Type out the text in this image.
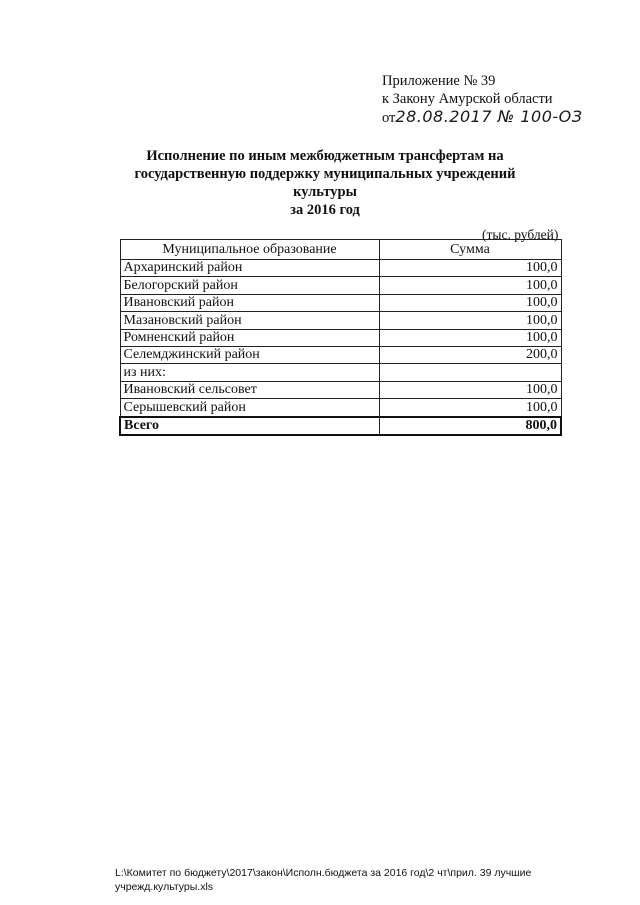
Приложение № 39
к Закону Амурской области
от28.08.2017 № 100-ОЗ
Исполнение по иным межбюджетным трансфертам на
государственную поддержку муниципальных учреждений культуры
за 2016 год
(тыс. рублей)
Муниципальное образование	Сумма
Архаринский район	100,0
Белогорский район	100,0
Ивановский район	100,0
Мазановский район	100,0
Ромненский район	100,0
Селемджинский район	200,0
из них:	
Ивановский сельсовет	100,0
Серышевский район	100,0
Всего	800,0
L:\Комитет по бюджету\2017\закон\Исполн.бюджета за 2016 год\2 чт\прил. 39 лучшие
учрежд.культуры.xls
